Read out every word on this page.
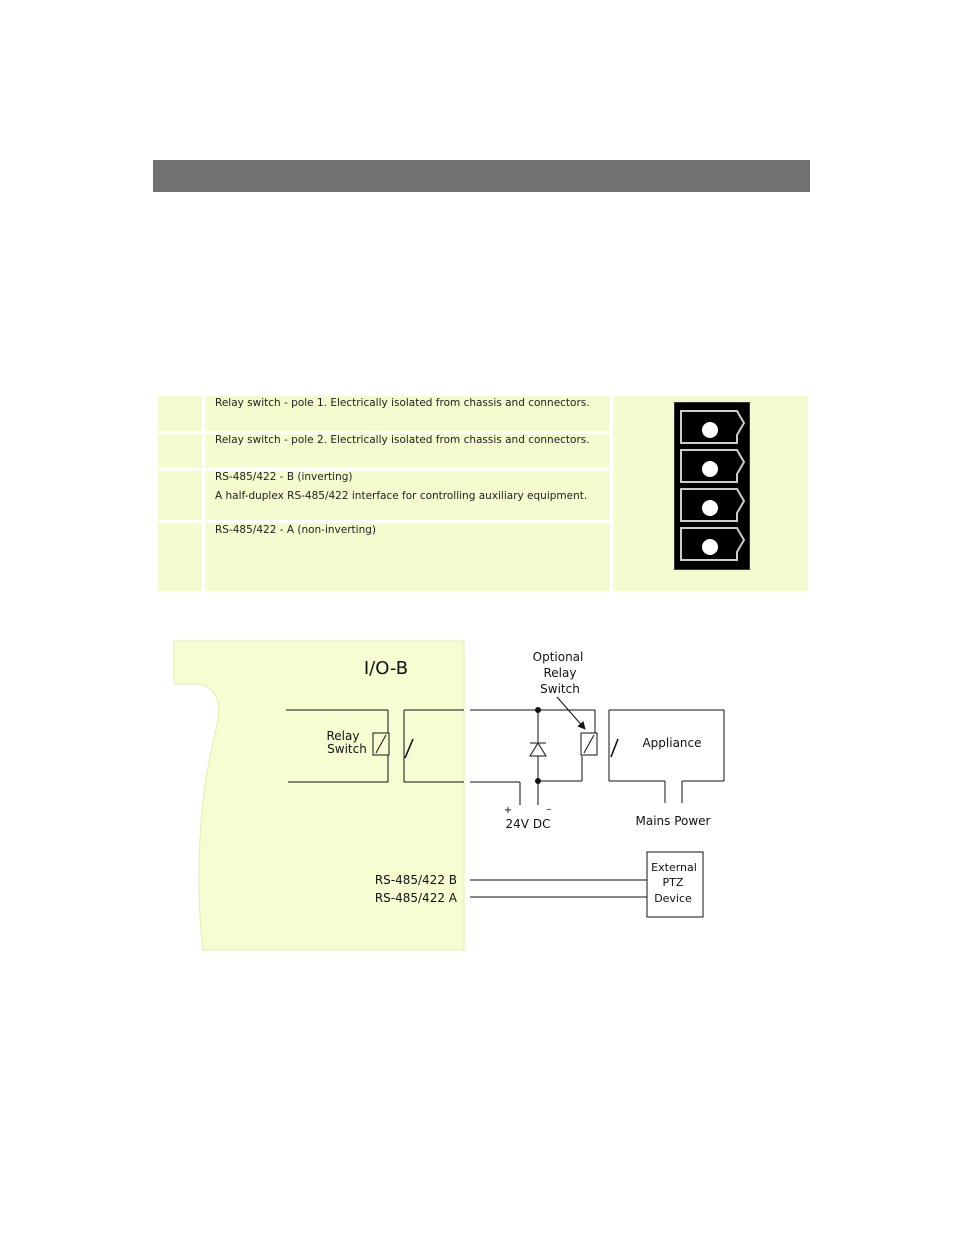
Relay switch - pole 1. Electrically isolated from chassis and connectors.
Relay switch - pole 2. Electrically isolated from chassis and connectors.
RS-485/422 - B (inverting)
A half-duplex RS-485/422 interface for controlling auxiliary equipment.
RS-485/422 - A (non-inverting)
I/O-B
Relay
Switch
Optional
Relay
Switch
Appliance
+	–
24V DC	Mains Power
RS-485/422 B
RS-485/422 A
External
PTZ
Device
